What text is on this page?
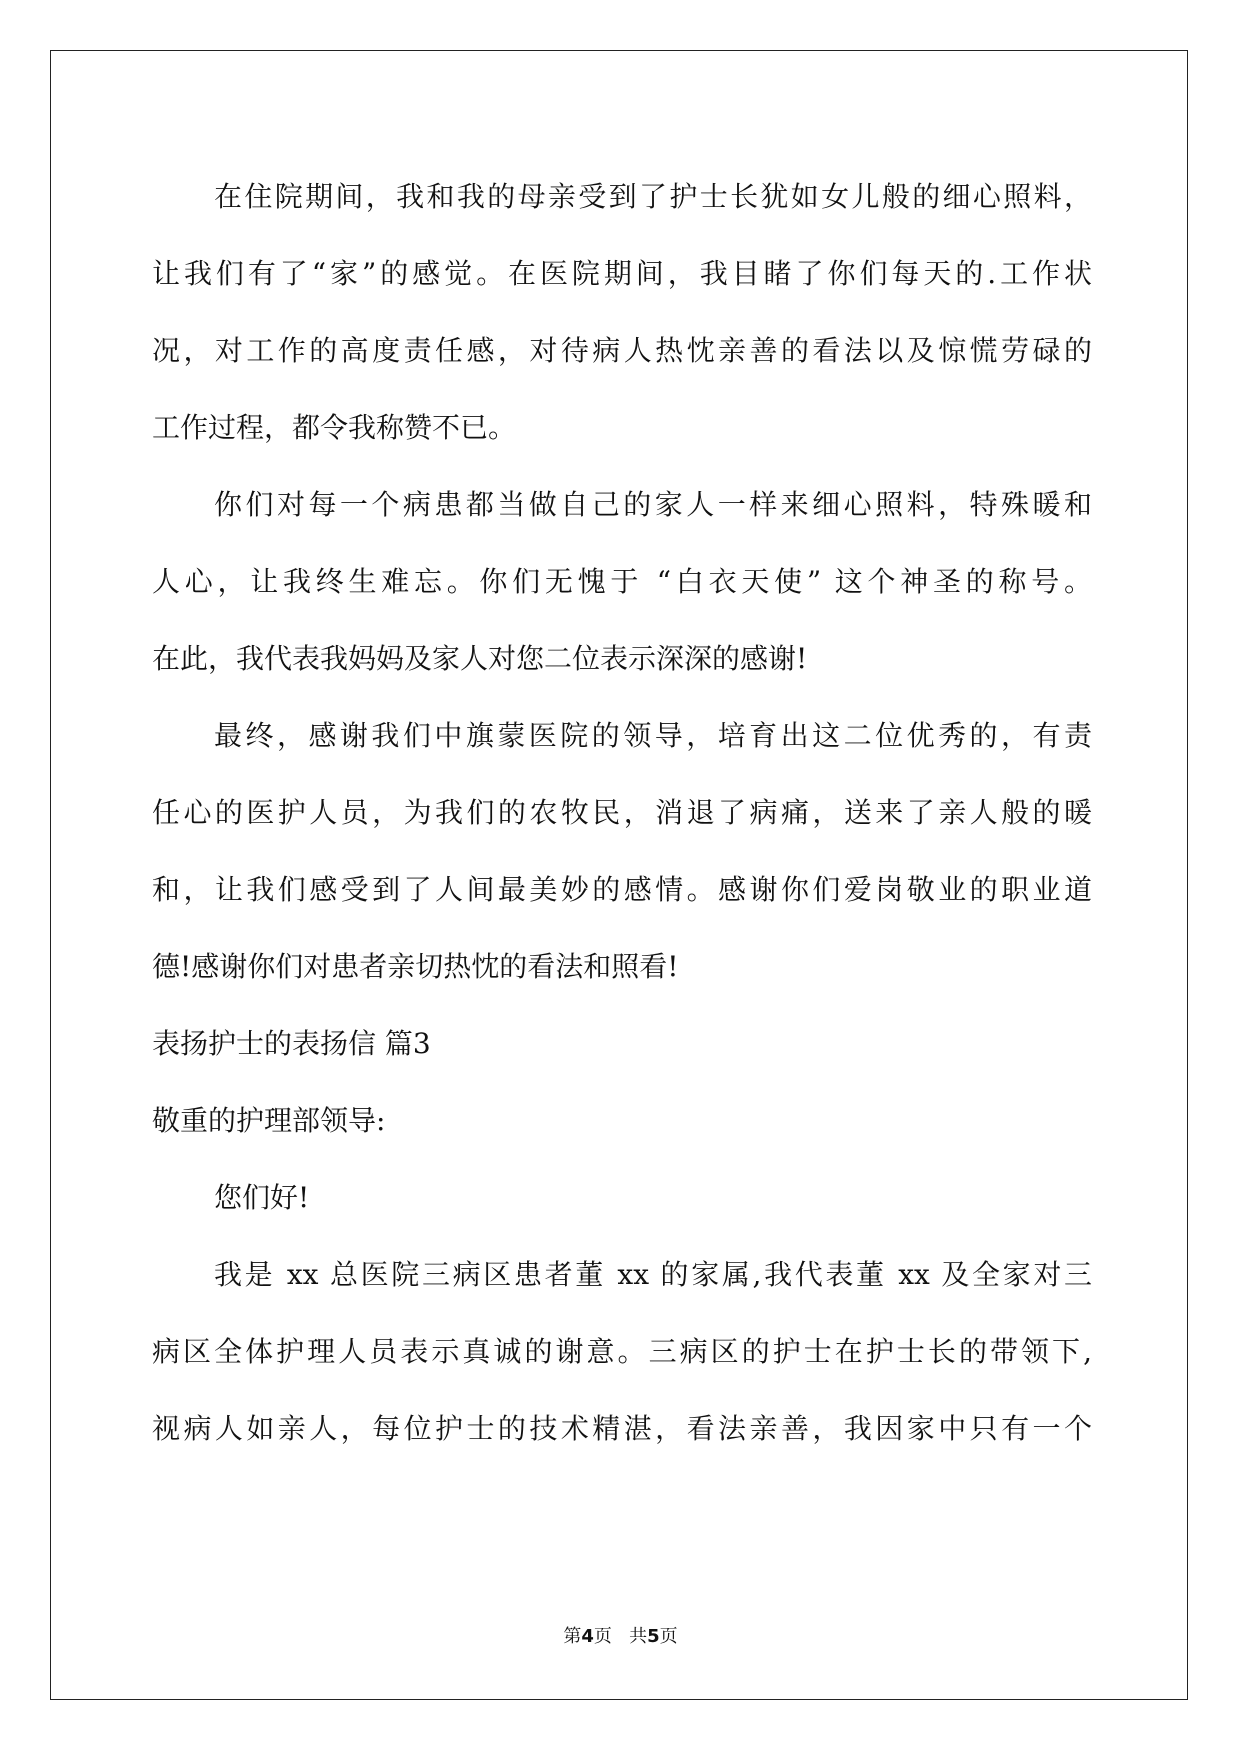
在住院期间，我和我的母亲受到了护士长犹如女儿般的细心照料，
让我们有了“家”的感觉。在医院期间，我目睹了你们每天的.工作状
况，对工作的高度责任感，对待病人热忱亲善的看法以及惊慌劳碌的
工作过程，都令我称赞不已。
你们对每一个病患都当做自己的家人一样来细心照料，特殊暖和
人心，让我终生难忘。你们无愧于 “白衣天使” 这个神圣的称号。
在此，我代表我妈妈及家人对您二位表示深深的感谢!
最终，感谢我们中旗蒙医院的领导，培育出这二位优秀的，有责
任心的医护人员，为我们的农牧民，消退了病痛，送来了亲人般的暖
和，让我们感受到了人间最美妙的感情。感谢你们爱岗敬业的职业道
德!感谢你们对患者亲切热忱的看法和照看!
表扬护士的表扬信 篇3
敬重的护理部领导:
您们好!
我是 xx 总医院三病区患者董 xx 的家属,我代表董 xx 及全家对三
病区全体护理人员表示真诚的谢意。三病区的护士在护士长的带领下,
视病人如亲人，每位护士的技术精湛，看法亲善，我因家中只有一个
第4页 共5页
